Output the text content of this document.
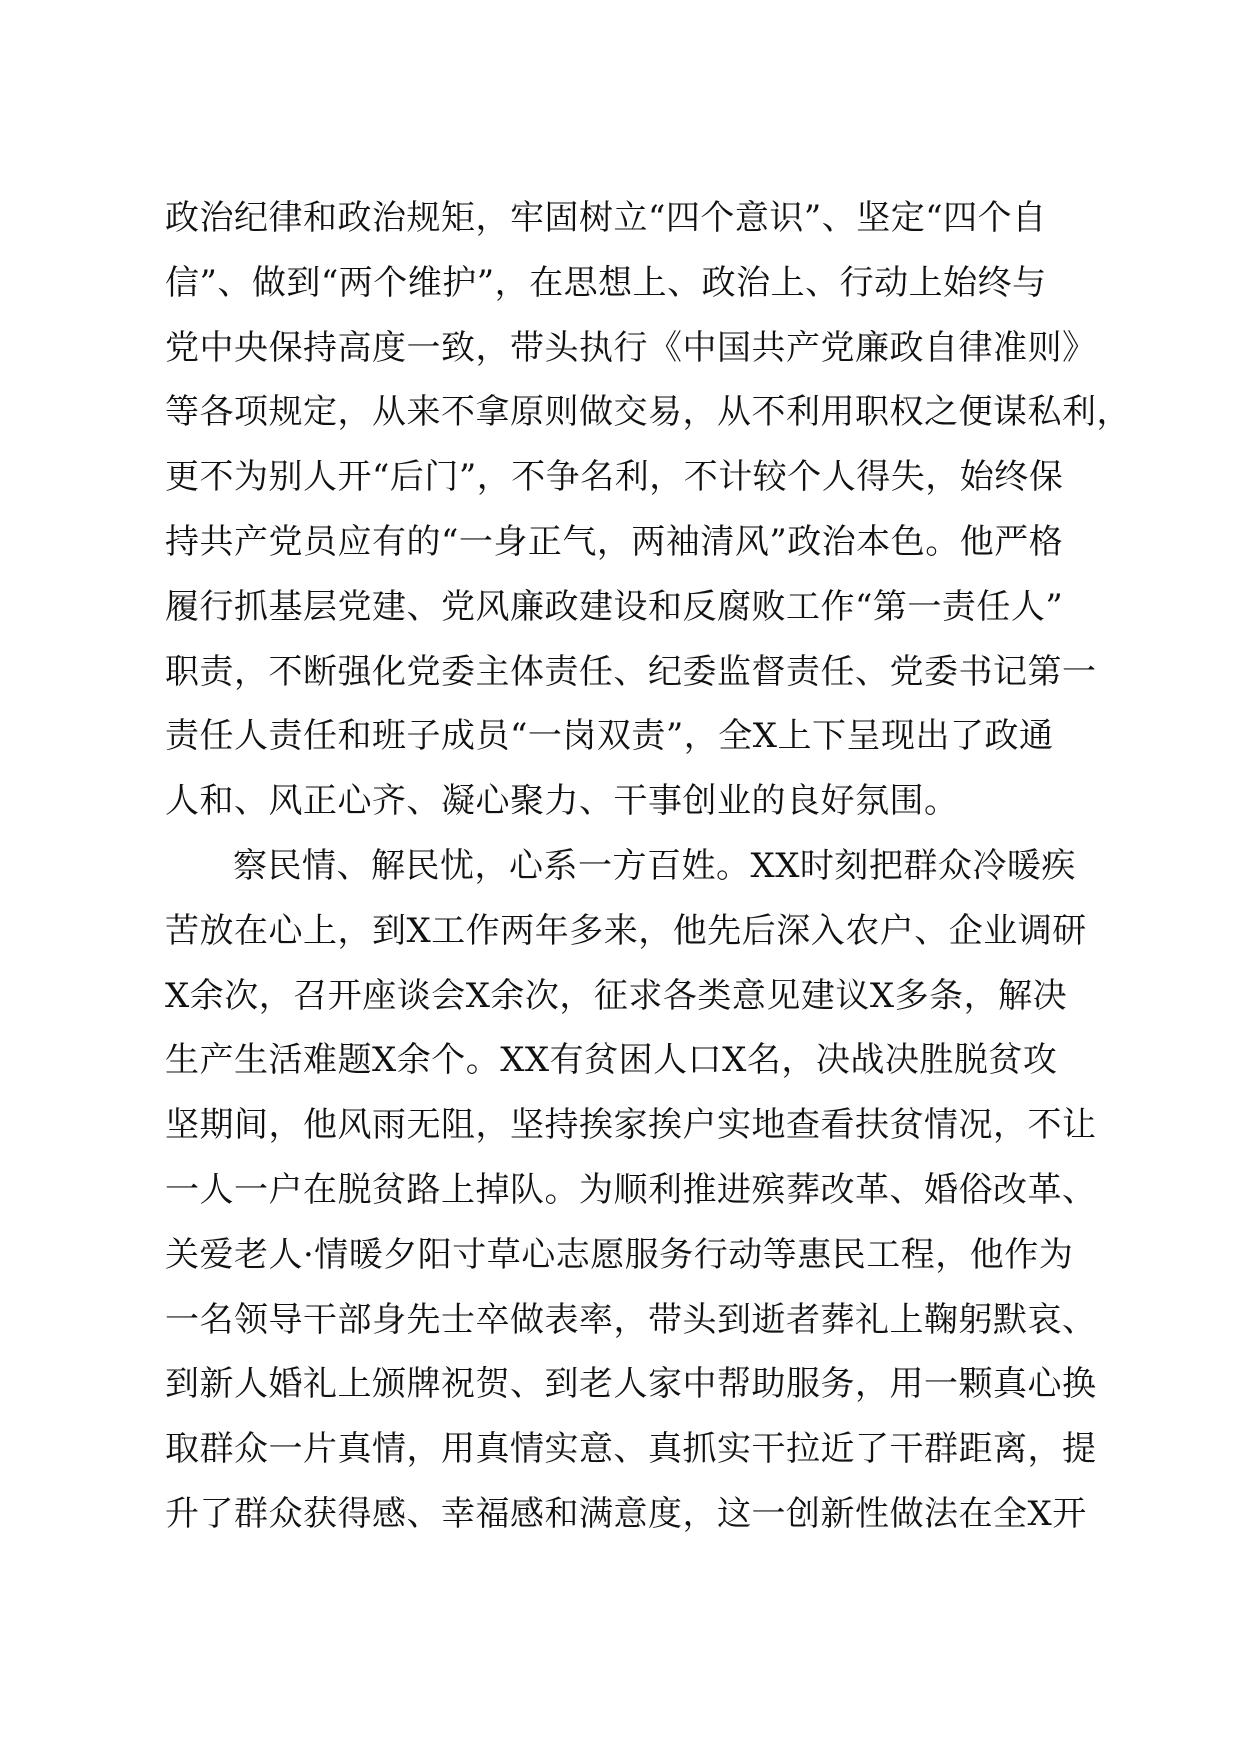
政治纪律和政治规矩，牢固树立“四个意识”、坚定“四个自
信”、做到“两个维护”，在思想上、政治上、行动上始终与
党中央保持高度一致，带头执行《中国共产党廉政自律准则》
等各项规定，从来不拿原则做交易，从不利用职权之便谋私利，
更不为别人开“后门”，不争名利，不计较个人得失，始终保
持共产党员应有的“一身正气，两袖清风”政治本色。他严格
履行抓基层党建、党风廉政建设和反腐败工作“第一责任人”
职责，不断强化党委主体责任、纪委监督责任、党委书记第一
责任人责任和班子成员“一岗双责”，全X上下呈现出了政通
人和、风正心齐、凝心聚力、干事创业的良好氛围。
察民情、解民忧，心系一方百姓。XX时刻把群众冷暖疾
苦放在心上，到X工作两年多来，他先后深入农户、企业调研
X余次，召开座谈会X余次，征求各类意见建议X多条，解决
生产生活难题X余个。XX有贫困人口X名，决战决胜脱贫攻
坚期间，他风雨无阻，坚持挨家挨户实地查看扶贫情况，不让
一人一户在脱贫路上掉队。为顺利推进殡葬改革、婚俗改革、
关爱老人·情暖夕阳寸草心志愿服务行动等惠民工程，他作为
一名领导干部身先士卒做表率，带头到逝者葬礼上鞠躬默哀、
到新人婚礼上颁牌祝贺、到老人家中帮助服务，用一颗真心换
取群众一片真情，用真情实意、真抓实干拉近了干群距离，提
升了群众获得感、幸福感和满意度，这一创新性做法在全X开
